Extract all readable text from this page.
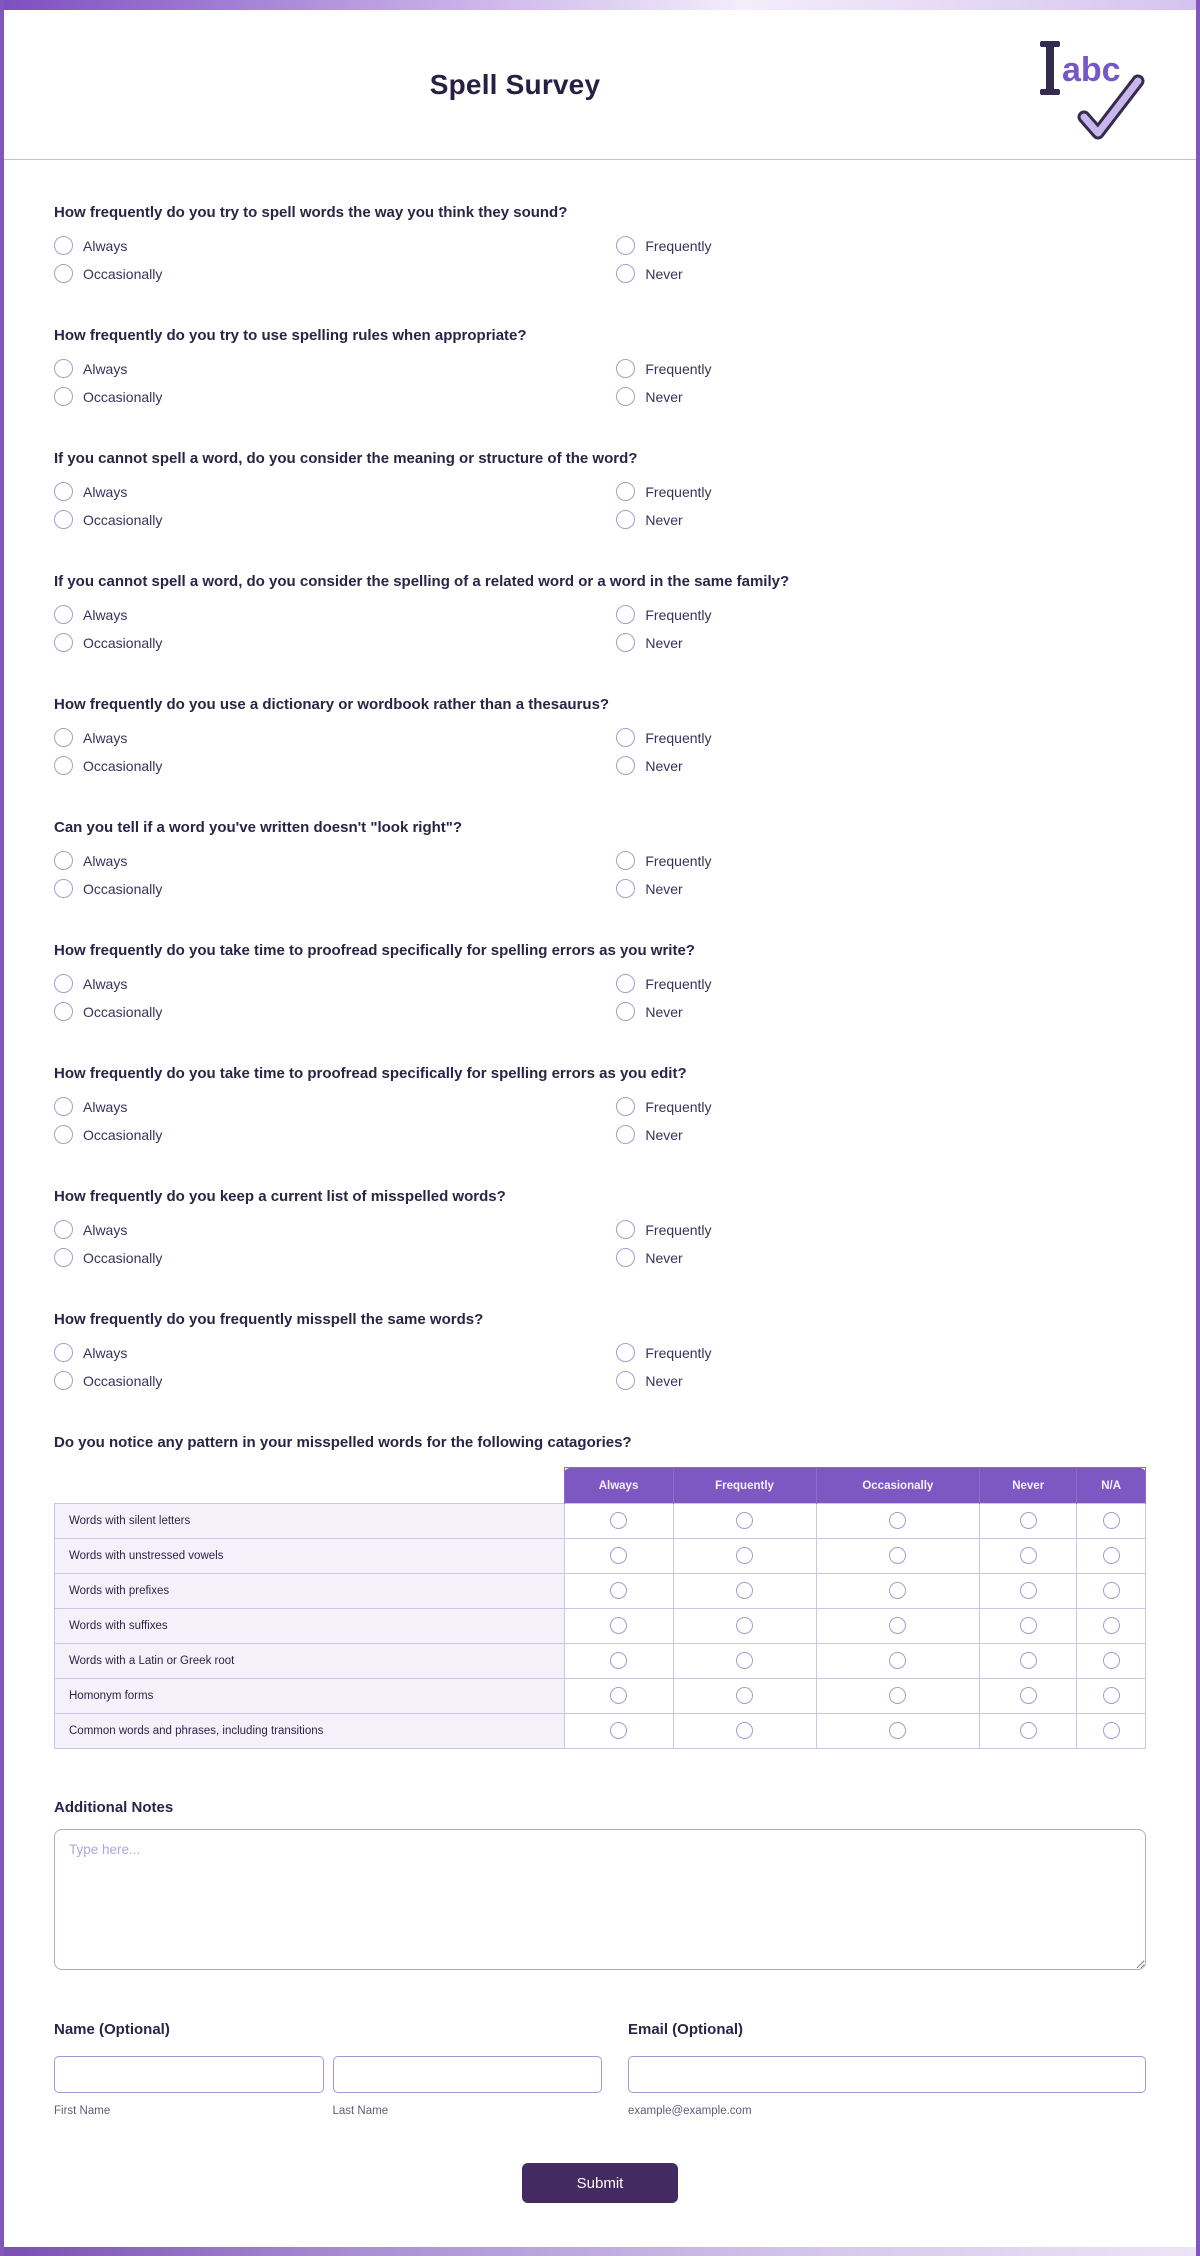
Spell Survey	abc
How frequently do you try to spell words the way you think they sound?
Always	Frequently
Occasionally	Never
How frequently do you try to use spelling rules when appropriate?
Always	Frequently
Occasionally	Never
If you cannot spell a word, do you consider the meaning or structure of the word?
Always	Frequently
Occasionally	Never
If you cannot spell a word, do you consider the spelling of a related word or a word in the same family?
Always	Frequently
Occasionally	Never
How frequently do you use a dictionary or wordbook rather than a thesaurus?
Always	Frequently
Occasionally	Never
Can you tell if a word you've written doesn't "look right"?
Always	Frequently
Occasionally	Never
How frequently do you take time to proofread specifically for spelling errors as you write?
Always	Frequently
Occasionally	Never
How frequently do you take time to proofread specifically for spelling errors as you edit?
Always	Frequently
Occasionally	Never
How frequently do you keep a current list of misspelled words?
Always	Frequently
Occasionally	Never
How frequently do you frequently misspell the same words?
Always	Frequently
Occasionally	Never
Do you notice any pattern in your misspelled words for the following catagories?
	Always	Frequently	Occasionally	Never	N/A
Words with silent letters					
Words with unstressed vowels					
Words with prefixes					
Words with suffixes					
Words with a Latin or Greek root					
Homonym forms					
Common words and phrases, including transitions					
Additional Notes
Type here...
Name (Optional)
First Name	Last Name
Email (Optional)
example@example.com
Submit
